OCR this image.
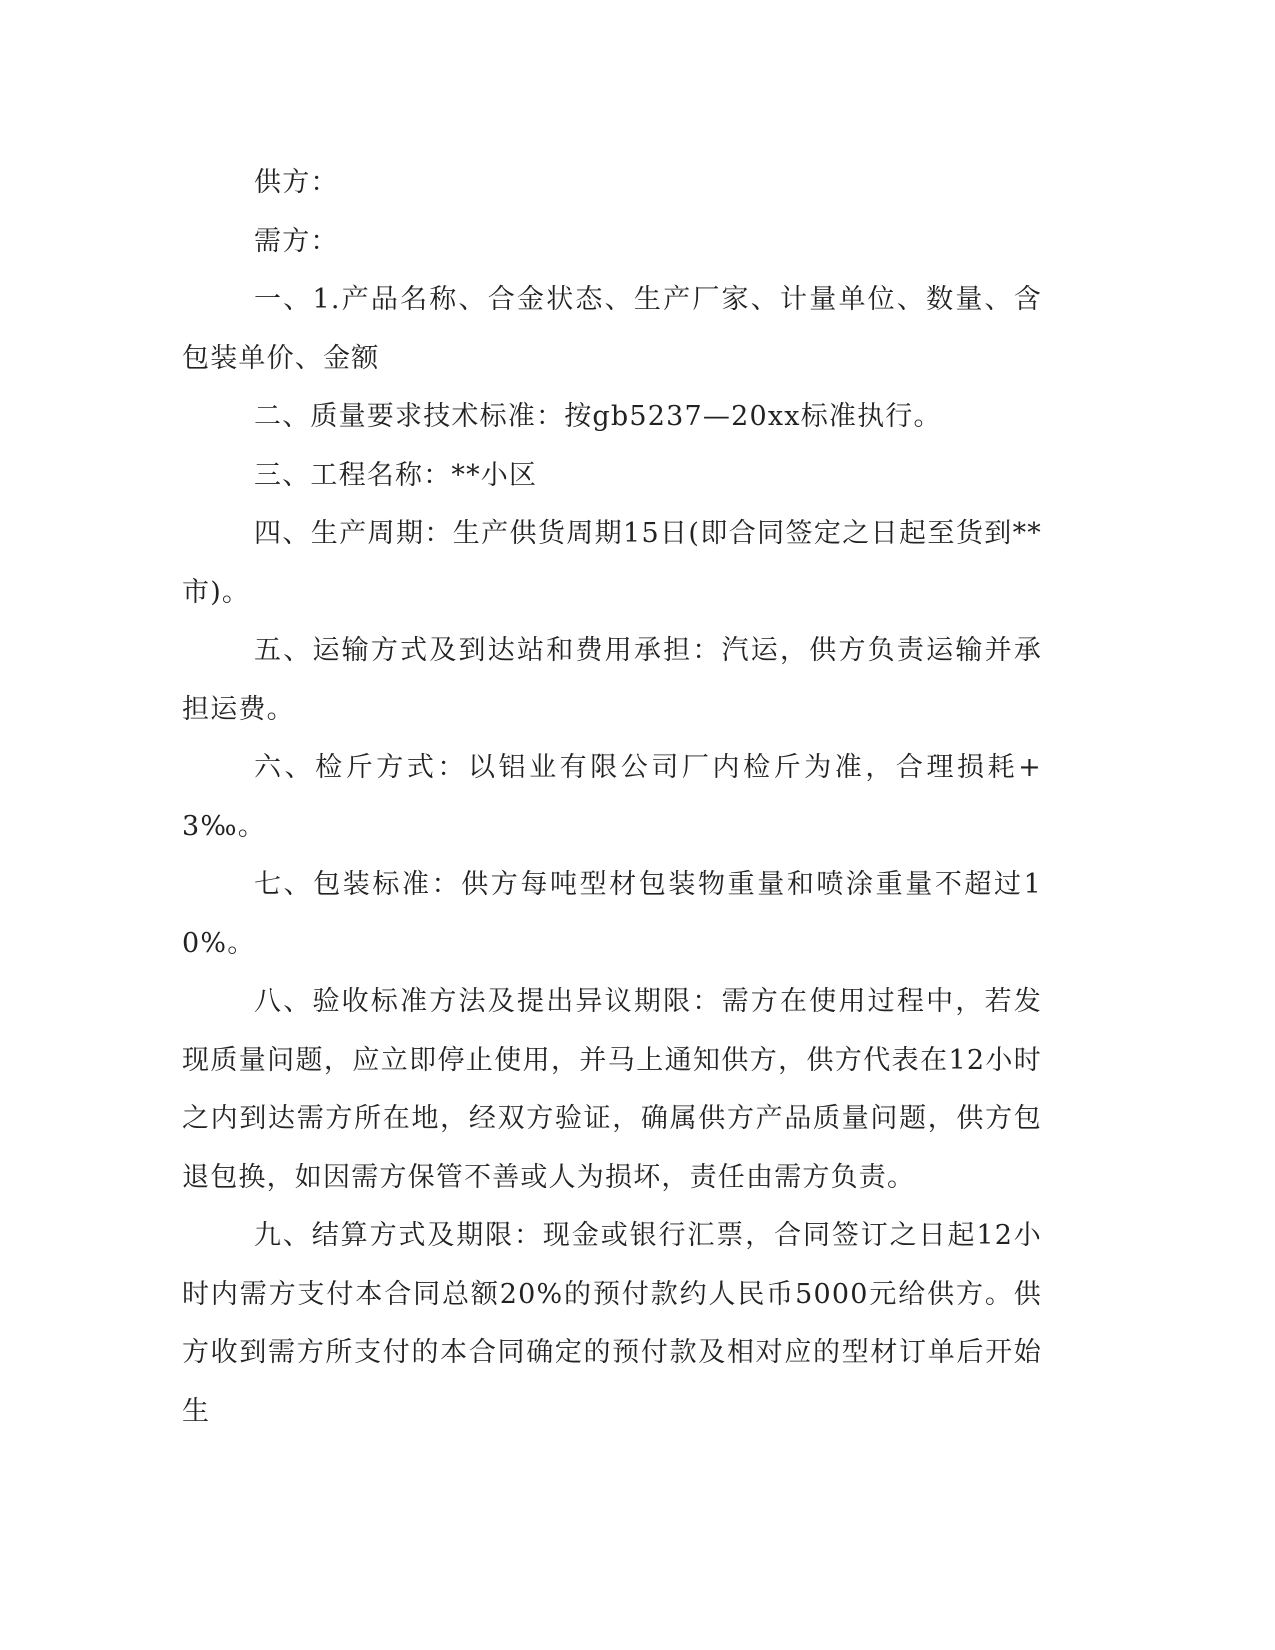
供方：

需方：

一、1.产品名称、合金状态、生产厂家、计量单位、数量、含包装单价、金额

二、质量要求技术标准：按gb5237—20xx标准执行。

三、工程名称：**小区

四、生产周期：生产供货周期15日(即合同签定之日起至货到**市)。

五、运输方式及到达站和费用承担：汽运，供方负责运输并承担运费。

六、检斤方式：以铝业有限公司厂内检斤为准，合理损耗+3‰。

七、包装标准：供方每吨型材包装物重量和喷涂重量不超过10%。

八、验收标准方法及提出异议期限：需方在使用过程中，若发现质量问题，应立即停止使用，并马上通知供方，供方代表在12小时之内到达需方所在地，经双方验证，确属供方产品质量问题，供方包退包换，如因需方保管不善或人为损坏，责任由需方负责。

九、结算方式及期限：现金或银行汇票，合同签订之日起12小时内需方支付本合同总额20%的预付款约人民币5000元给供方。供方收到需方所支付的本合同确定的预付款及相对应的型材订单后开始生
